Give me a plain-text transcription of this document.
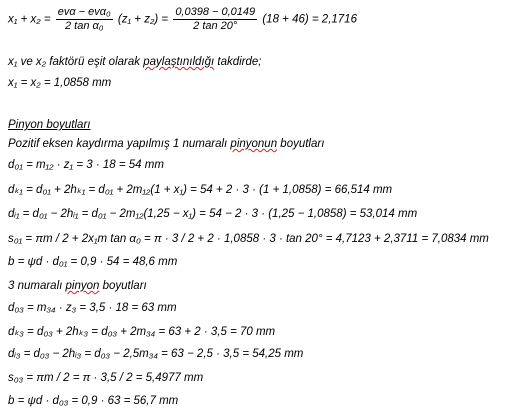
$x_1 + x_2 = \frac{\text{evα − evα₀}}{\text{2 tan α₀}} (z_1 + z_2) = \frac{0,0398 - 0,0149}{2 \tan 20^\circ} (18 + 46) = 2,1716$
x₁ ve x₂ faktörü eşit olarak paylaştınıldığı takdirde;
x₁ = x₂ = 1,0858 mm
Pinyon boyutları
Pozitif eksen kaydırma yapılmış 1 numaralı pinyonun boyutları
d₀₁ = m₁₂ · z₁ = 3 · 18 = 54 mm
dₖ₁ = d₀₁ + 2hₖ₁ = d₀₁ + 2m₁₂(1 + x₁) = 54 + 2 · 3 · (1 + 1,0858) = 66,514 mm
dᵢ₁ = d₀₁ − 2hᵢ₁ = d₀₁ − 2m₁₂(1,25 − x₁) = 54 − 2 · 3 · (1,25 − 1,0858) = 53,014 mm
s₀₁ = πm / 2 + 2x₁m tan α₀ = π · 3 / 2 + 2 · 1,0858 · 3 · tan 20° = 4,7123 + 2,3711 = 7,0834 mm
b = ψd · d₀₁ = 0,9 · 54 = 48,6 mm
3 numaralı pinyon boyutları
d₀₃ = m₃₄ · z₃ = 3,5 · 18 = 63 mm
dₖ₃ = d₀₃ + 2hₖ₃ = d₀₃ + 2m₃₄ = 63 + 2 · 3,5 = 70 mm
dᵢ₃ = d₀₃ − 2hᵢ₃ = d₀₃ − 2,5m₃₄ = 63 − 2,5 · 3,5 = 54,25 mm
s₀₃ = πm / 2 = π · 3,5 / 2 = 5,4977 mm
b = ψd · d₀₃ = 0,9 · 63 = 56,7 mm
